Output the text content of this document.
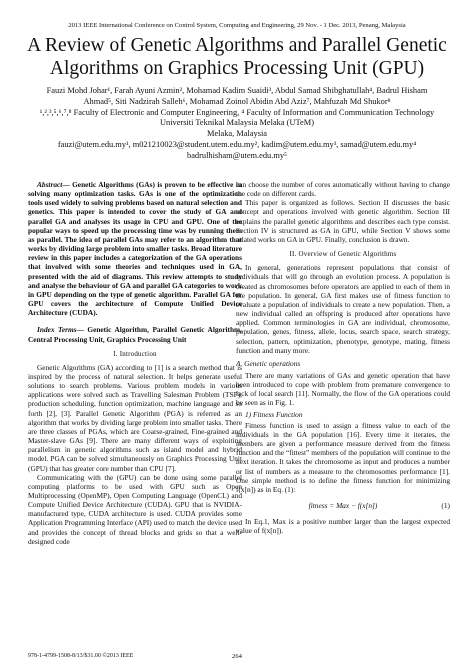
2013 IEEE International Conference on Control System, Computing and Engineering, 29 Nov. - 1 Dec. 2013, Penang, Malaysia
A Review of Genetic Algorithms and Parallel Genetic Algorithms on Graphics Processing Unit (GPU)
Fauzi Mohd Johar¹, Farah Ayuni Azmin², Mohamad Kadim Suaidi³, Abdul Samad Shibghatullah⁴, Badrul Hisham
Ahmad⁵, Siti Nadzirah Salleh⁶, Mohamad Zoinol Abidin Abd Aziz⁷, Mahfuzah Md Shukor⁸
¹,²,³,⁵,⁶,⁷,⁸ Faculty of Electronic and Computer Engineering, ⁴ Faculty of Information and Communication Technology
Universiti Teknikal Malaysia Melaka (UTeM)
Melaka, Malaysia
fauzi@utem.edu.my¹, m021210023@student.utem.edu.my², kadim@utem.edu.my³, samad@utem.edu.my⁴
badrulhisham@utem.edu.my⁵

Abstract— Genetic Algorithms (GAs) is proven to be effective in solving many optimization tasks. GAs is one of the optimization tools used widely to solving problems based on natural selection and genetics. This paper is intended to cover the study of GA and parallel GA and analyses its usage in CPU and GPU. One of the popular ways to speed up the processing time was by running them as parallel. The idea of parallel GAs may refer to an algorithm that works by dividing large problem into smaller tasks. Broad literature review in this paper includes a categorization of the GA operations that involved with some theories and techniques used in GA, presented with the aid of diagrams. This review attempts to study and analyse the behaviour of GA and parallel GA categories to work in GPU depending on the type of genetic algorithm. Parallel GA for GPU covers the architecture of Compute Unified Device Architecture (CUDA).

Index Terms— Genetic Algorithm, Parallel Genetic Algorithm, Central Processing Unit, Graphics Processing Unit

I. Introduction

Genetic Algorithms (GA) according to [1] is a search method that is inspired by the process of natural selection. It helps generate useful solutions to search problems. Various problem models in various applications were solved such as Travelling Salesman Problem (TSP), production scheduling, function optimization, machine language and so forth [2], [3]. Parallel Genetic Algorithm (PGA) is referred as an algorithm that works by dividing large problem into smaller tasks. There are three classes of PGAs, which are Coarse-grained, Fine-grained and Master-slave GAs [9]. There are many different ways of exploiting parallelism in genetic algorithms such as island model and hybrid model. PGA can be solved simultaneously on Graphics Processing Unit (GPU) that has greater core number than CPU [7].

Communicating with the (GPU) can be done using some parallel computing platforms to be used with GPU such as Open Multiprocessing (OpenMP), Open Computing Language (OpenCL) and Compute Unified Device Architecture (CUDA). GPU that is NVIDIA-manufactured type, CUDA architecture is used. CUDA provides some Application Programming Interface (API) used to match the device used and provides the concept of thread blocks and grids so that a well-designed code

can choose the number of cores automatically without having to change the code on different cards.

This paper is organized as follows. Section II discusses the basic concept and operations involved with genetic algorithm. Section III explains the parallel genetic algorithms and describes each type consist. Section IV is structured as GA in GPU, while Section V shows some related works on GA in GPU. Finally, conclusion is drawn.

II. Overview of Genetic Algorithms

In general, generations represent populations that consist of individuals that will go through an evolution process. A population is created as chromosomes before operators are applied to each of them in the population. In general, GA first makes use of fitness function to evaluate a population of individuals to create a new population. Then, a new individual called an offspring is produced after operations have applied. Common terminologies in GA are individual, chromosome, population, genes, fitness, allele, locus, search space, search strategy, selection, pattern, optimization, phenotype, genotype, mating, fitness function and many more.

A. Genetic operations

There are many variations of GAs and genetic operation that have been introduced to cope with problem from premature convergence to lack of local search [11]. Normally, the flow of the GA operations could be seen as in Fig. 1.

1) Fitness Function

Fitness function is used to assign a fitness value to each of the individuals in the GA population [16]. Every time it iterates, the members are given a performance measure derived from the fitness function and the “fittest” members of the population will continue to the next iteration. It takes the chromosome as input and produces a number or list of numbers as a measure to the chromosomes performance [1]. One simple method is to define the fitness function for minimizing f(x[n]) as in Eq. (1):

fitness = Max − f(x[n])	(1)

In Eq.1, Max is a positive number larger than the largest expected value of f(x[n]).

978-1-4799-1508-8/13/$31.00 ©2013 IEEE	264
